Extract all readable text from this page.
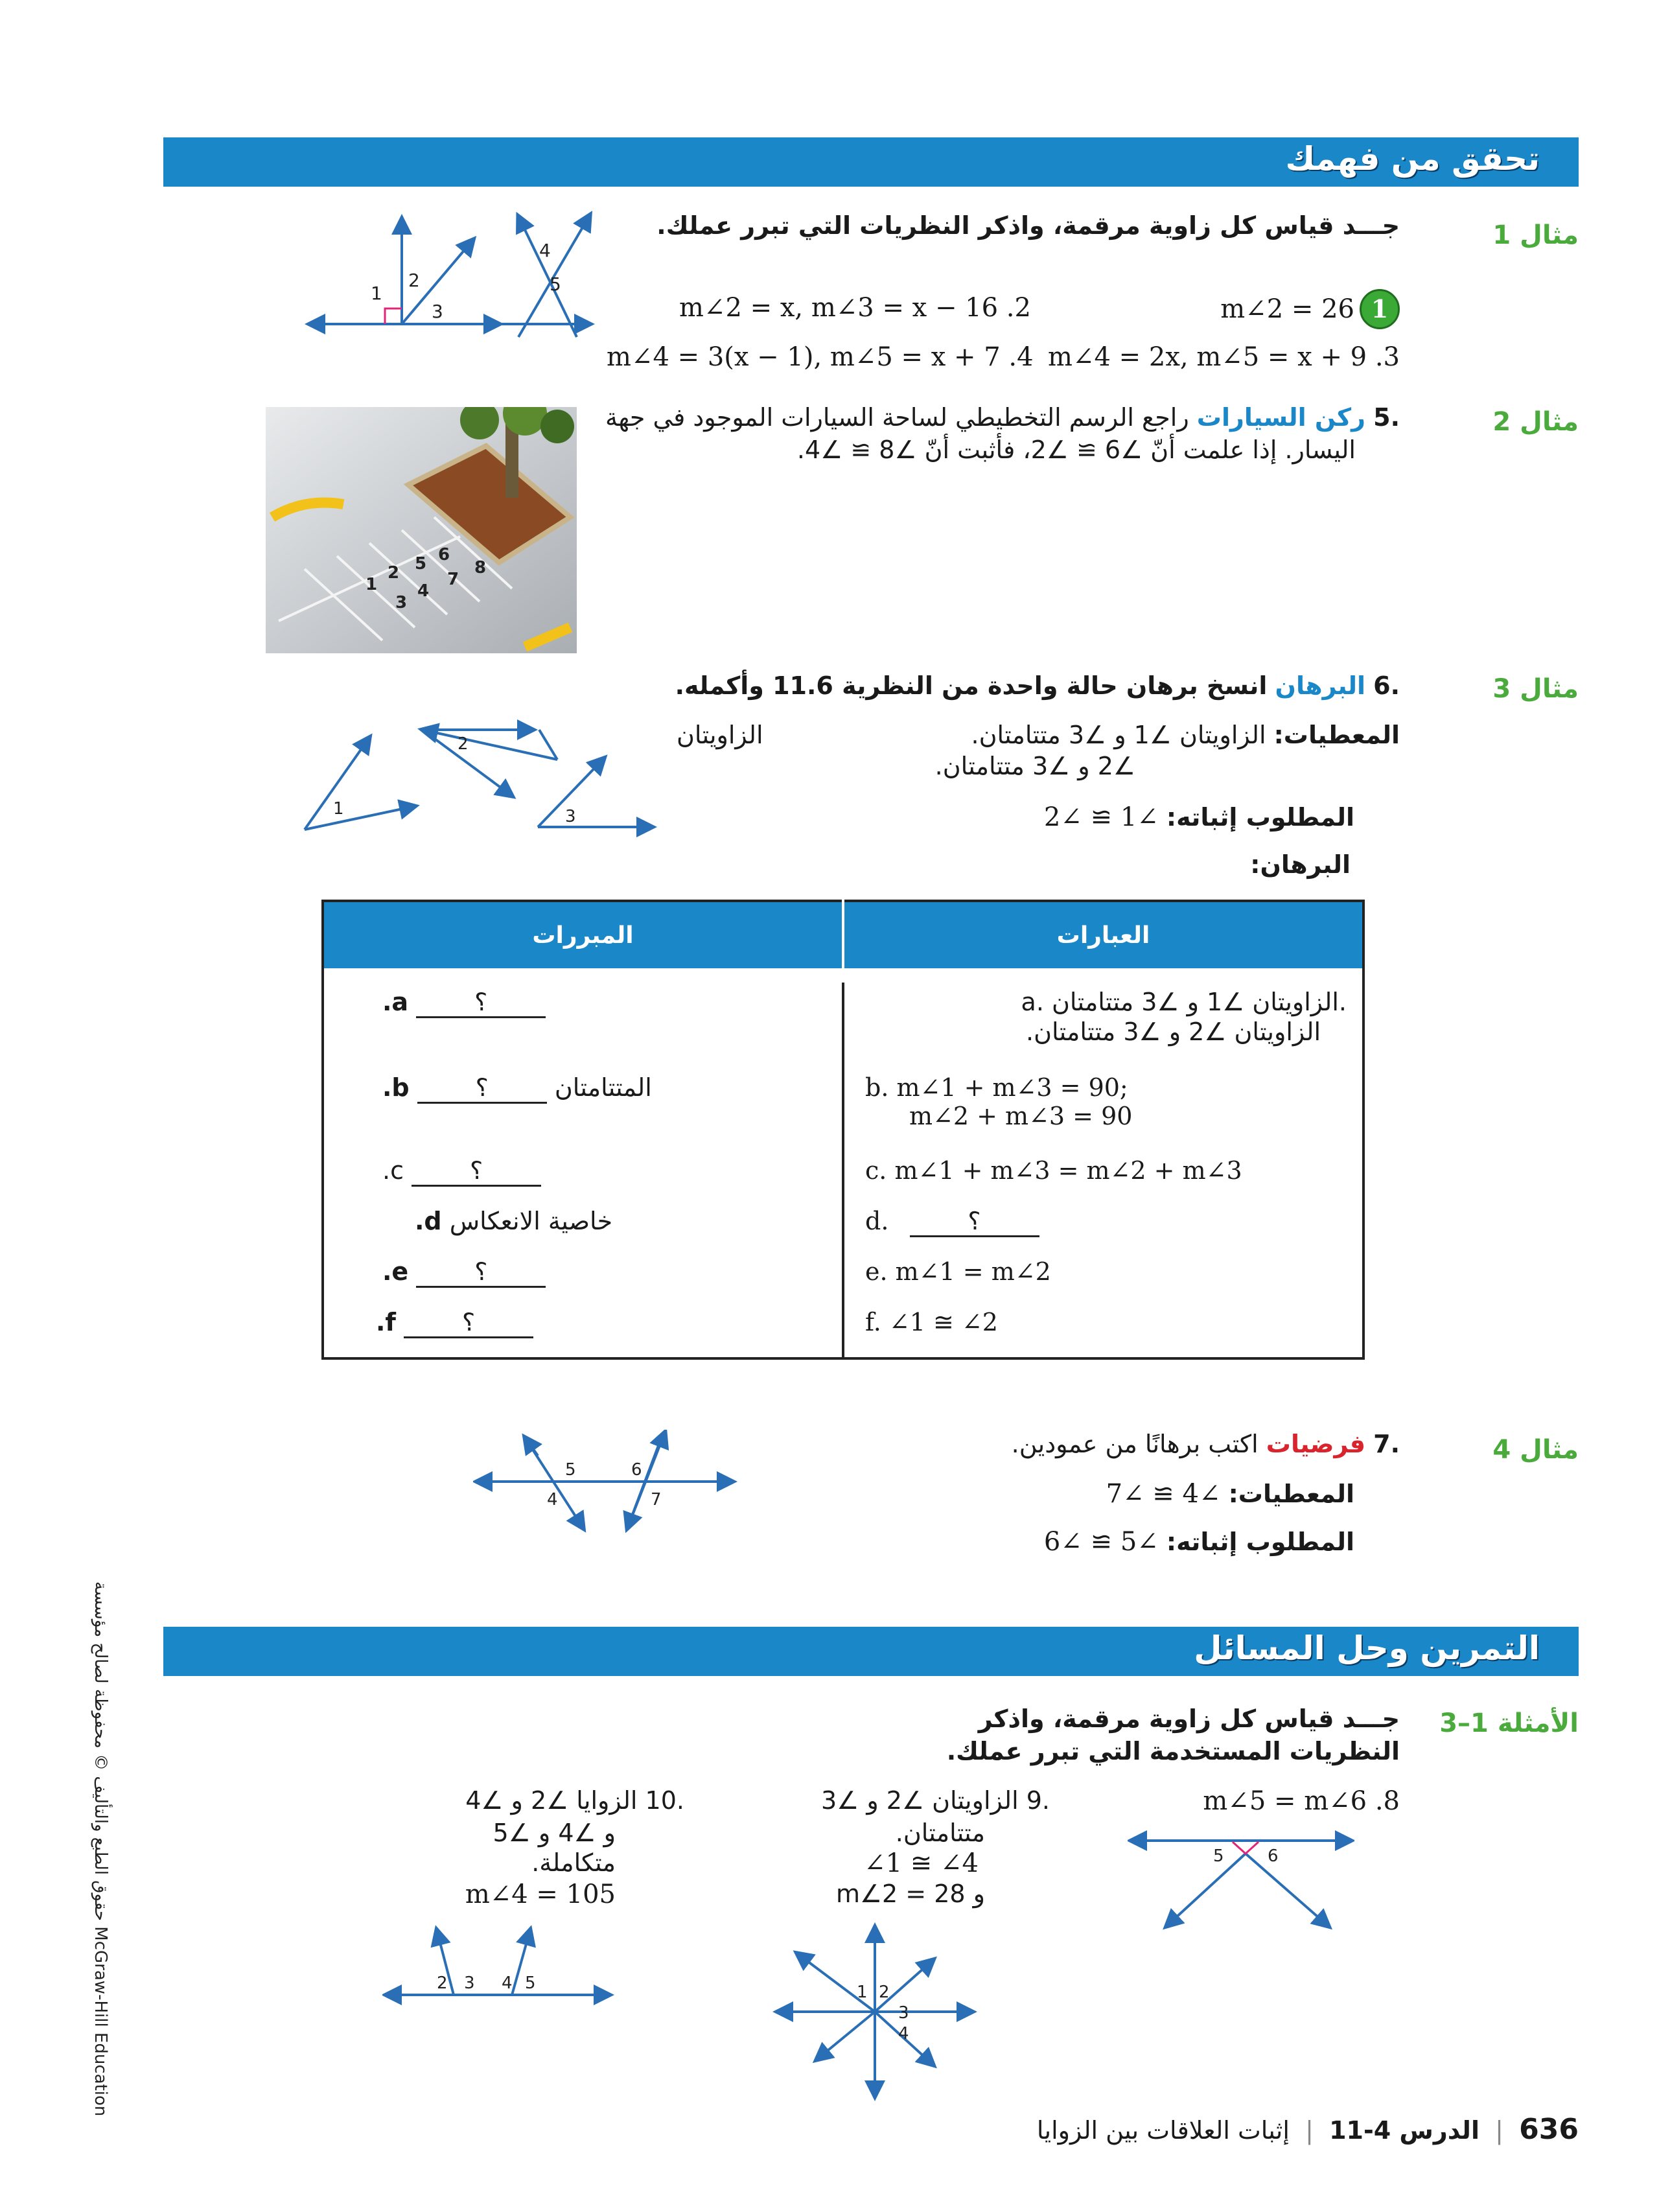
تحقق من فهمك
مثال 1
جـــد قياس كل زاوية مرقمة، واذكر النظريات التي تبرر عملك.
m∠2 = 26 1
m∠2 = x, m∠3 = x − 16 .2
m∠4 = 2x, m∠5 = x + 9 .3
m∠4 = 3(x − 1), m∠5 = x + 7 .4
1
2
3
4
5
مثال 2
.5 ركن السيارات راجع الرسم التخطيطي لساحة السيارات الموجود في جهة
اليسار. إذا علمت أنّ ∠6 ≅ ∠2، فأثبت أنّ ∠8 ≅ ∠4.
1
2
3
4
5 6
7
8
مثال 3
.6 البرهان انسخ برهان حالة واحدة من النظرية 11.6 وأكمله.
المعطيات: الزاويتان ∠1 و ∠3 متتامتان.
الزاويتان
∠2 و ∠3 متتامتان.
المطلوب إثباته: ∠1 ≅ ∠2
البرهان:
1
2
3
المبررات	العبارات

.a ؟	a. الزاويتان ∠1 و ∠3 متتامتان.
الزاويتان ∠2 و ∠3 متتامتان.

.b ؟ المتتامتان	b. m∠1 + m∠3 = 90;
m∠2 + m∠3 = 90

.c ؟	c. m∠1 + m∠3 = m∠2 + m∠3

.d خاصية الانعكاس	d. ؟

.e ؟	e. m∠1 = m∠2

.f ؟	f. ∠1 ≅ ∠2
مثال 4
.7 فرضيات اكتب برهانًا من عمودين.
المعطيات: ∠4 ≅ ∠7
المطلوب إثباته: ∠5 ≅ ∠6
4
5	6
7
التمرين وحل المسائل
الأمثلة 1–3
جـــد قياس كل زاوية مرقمة، واذكر
النظريات المستخدمة التي تبرر عملك.
m∠5 = m∠6 .8
.9 الزاويتان ∠2 و ∠3
متتامتان.
∠1 ≅ ∠4
و m∠2 = 28
.10 الزوايا ∠2 و ∠4
و ∠4 و ∠5
متكاملة.
m∠4 = 105
5	6
1 2
3
4
2 3 4 5
حقوق الطبع والتأليف © محفوظة لصالح مؤسسة McGraw-Hill Education
636  |  الدرس 4-11  |  إثبات العلاقات بين الزوايا
